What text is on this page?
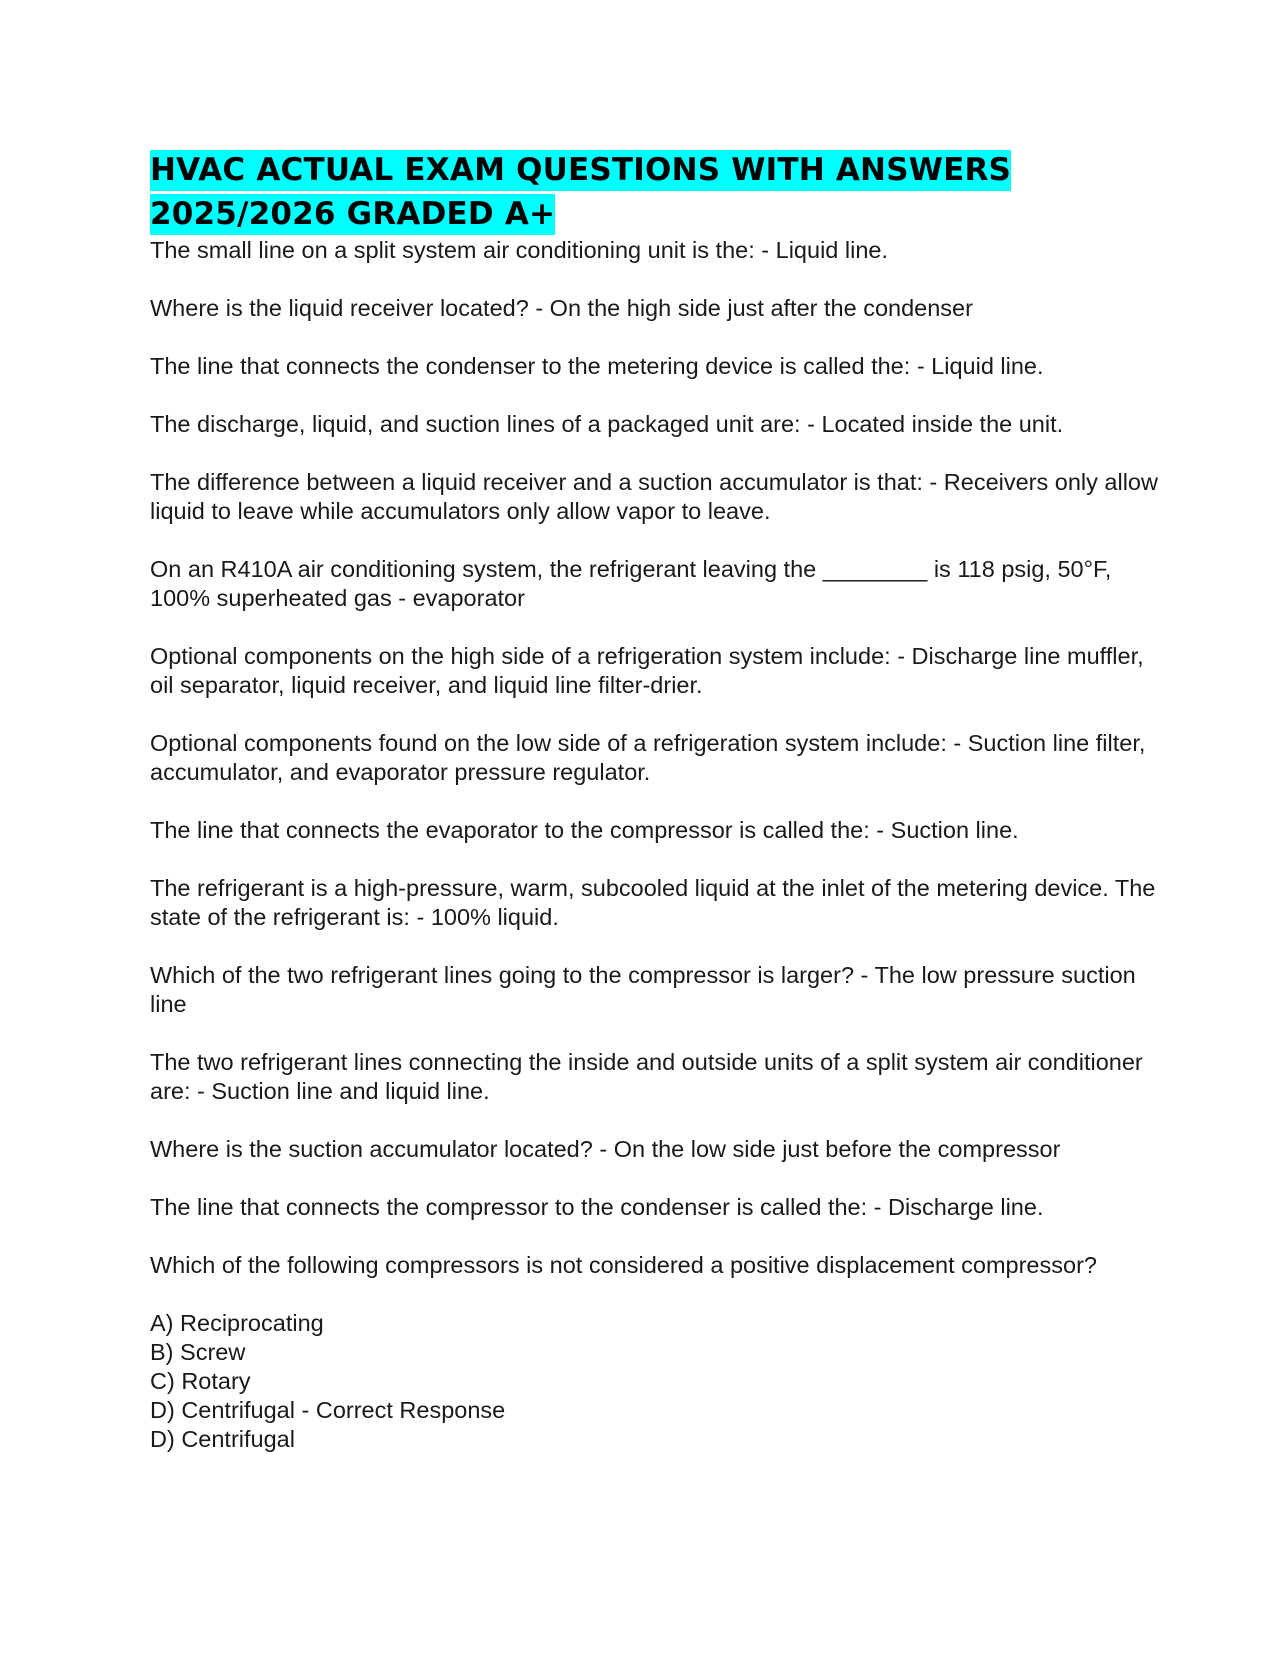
HVAC ACTUAL EXAM QUESTIONS WITH ANSWERS
2025/2026 GRADED A+

The small line on a split system air conditioning unit is the: - Liquid line.

Where is the liquid receiver located? - On the high side just after the condenser

The line that connects the condenser to the metering device is called the: - Liquid line.

The discharge, liquid, and suction lines of a packaged unit are: - Located inside the unit.

The difference between a liquid receiver and a suction accumulator is that: - Receivers only allow liquid to leave while accumulators only allow vapor to leave.

On an R410A air conditioning system, the refrigerant leaving the ________ is 118 psig, 50°F, 100% superheated gas - evaporator

Optional components on the high side of a refrigeration system include: - Discharge line muffler, oil separator, liquid receiver, and liquid line filter-drier.

Optional components found on the low side of a refrigeration system include: - Suction line filter, accumulator, and evaporator pressure regulator.

The line that connects the evaporator to the compressor is called the: - Suction line.

The refrigerant is a high-pressure, warm, subcooled liquid at the inlet of the metering device. The state of the refrigerant is: - 100% liquid.

Which of the two refrigerant lines going to the compressor is larger? - The low pressure suction line

The two refrigerant lines connecting the inside and outside units of a split system air conditioner are: - Suction line and liquid line.

Where is the suction accumulator located? - On the low side just before the compressor

The line that connects the compressor to the condenser is called the: - Discharge line.

Which of the following compressors is not considered a positive displacement compressor?

A) Reciprocating
B) Screw
C) Rotary
D) Centrifugal - Correct Response
D) Centrifugal
